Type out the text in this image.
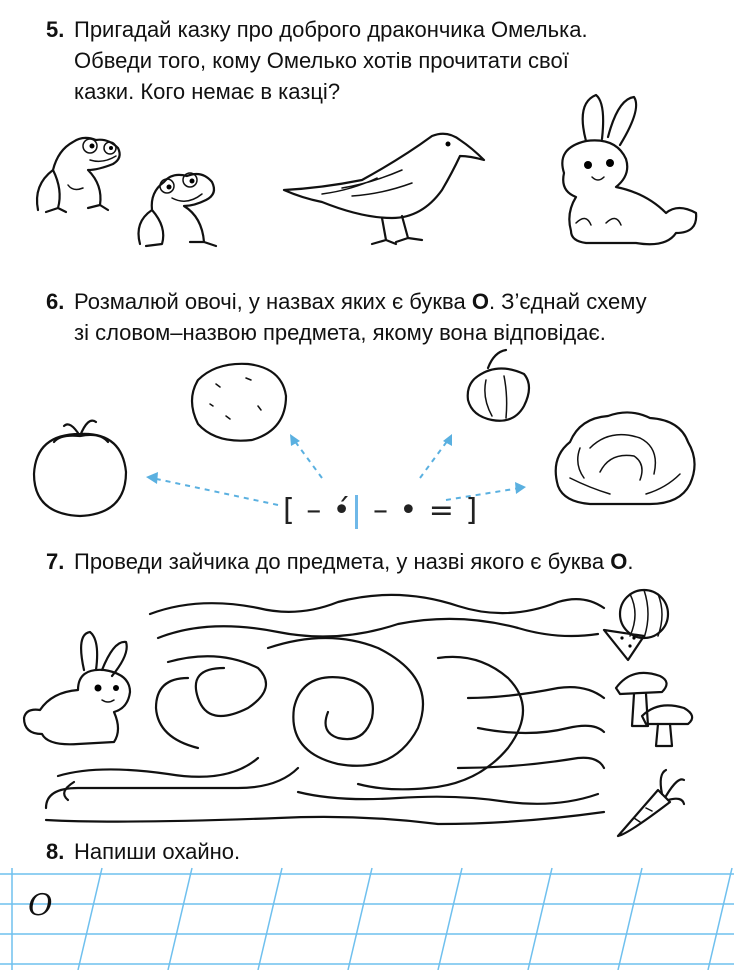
5. Пригадай казку про доброго дракончика Омелька.
Обведи того, кому Омелько хотів прочитати свої
казки. Кого немає в казці?
6. Розмалюй овочі, у назвах яких є буква О. З’єднай схему
зі словом–назвою предмета, якому вона відповідає.
[ – •́ – • = ]
7. Проведи зайчика до предмета, у назві якого є буква О.
8. Напиши охайно.
О
